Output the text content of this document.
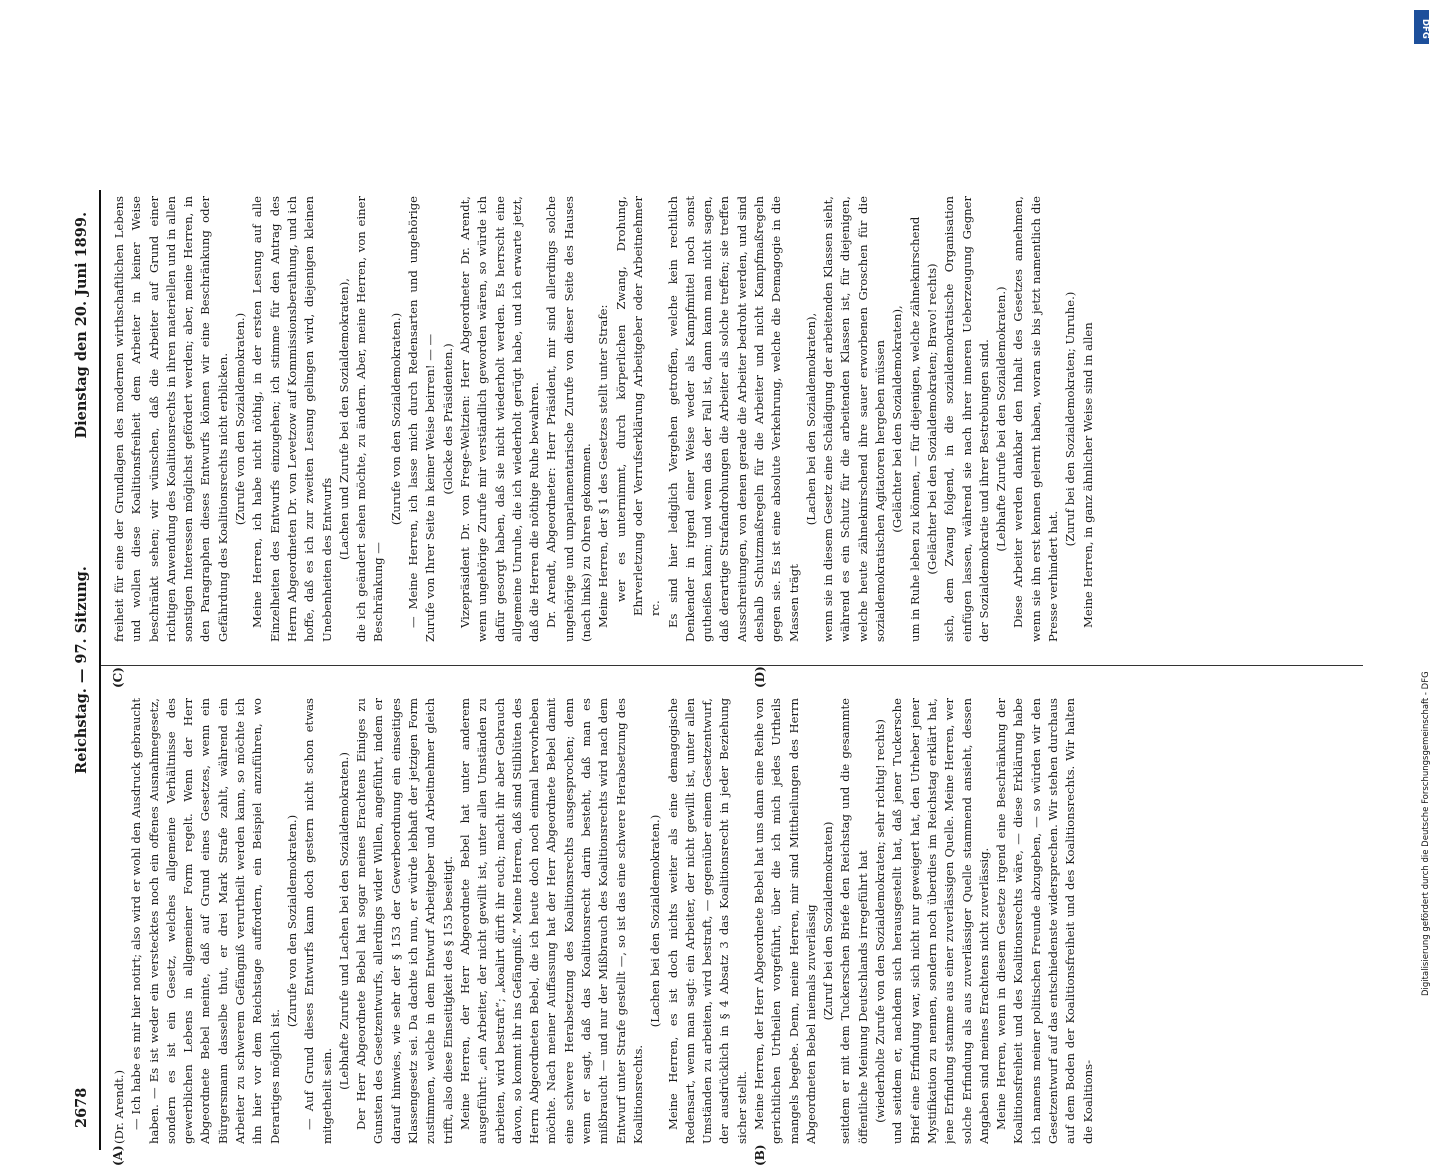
2678
Reichstag. — 97. Sitzung.
Dienstag den 20. Juni 1899.
(A)	(B)
(C)	(D)

(Dr. Arendt.) — Ich habe es mir hier notirt; also wird er wohl den Ausdruck gebraucht haben. — Es ist weder ein verstecktes noch ein offenes Ausnahmegesetz, sondern es ist ein Gesetz, welches allgemeine Verhältnisse des gewerblichen Lebens in allgemeiner Form regelt. Wenn der Herr Abgeordnete Bebel meinte, daß auf Grund eines Gesetzes, wenn ein Bürgersmann dasselbe thut, er drei Mark Strafe zahlt, während ein Arbeiter zu schwerem Gefängniß verurtheilt werden kann, so möchte ich ihn hier vor dem Reichstage auffordern, ein Beispiel anzuführen, wo Derartiges möglich ist.

(Zurufe von den Sozialdemokraten.) — Auf Grund dieses Entwurfs kann doch gestern nicht schon etwas mitgetheilt sein.

(Lebhafte Zurufe und Lachen bei den Sozialdemokraten.) Der Herr Abgeordnete Bebel hat sogar meines Erachtens Einiges zu Gunsten des Gesetzentwurfs, allerdings wider Willen, angeführt, indem er darauf hinwies, wie sehr der § 153 der Gewerbeordnung ein einseitiges Klassengesetz sei. Da dachte ich nun, er würde lebhaft der jetzigen Form zustimmen, welche in dem Entwurf Arbeitgeber und Arbeitnehmer gleich trifft, also diese Einseitigkeit des § 153 beseitigt. Meine Herren, der Herr Abgeordnete Bebel hat unter anderem ausgeführt: „ein Arbeiter, der nicht gewillt ist, unter allen Umständen zu arbeiten, wird bestraft“; „koalirt dürft ihr euch; macht ihr aber Gebrauch davon, so kommt ihr ins Gefängniß.“ Meine Herren, daß sind Stilblüten des Herrn Abgeordneten Bebel, die ich heute doch noch einmal hervorheben möchte. Nach meiner Auffassung hat der Herr Abgeordnete Bebel damit eine schwere Herabsetzung des Koalitionsrechts ausgesprochen; denn wenn er sagt, daß das Koalitionsrecht darin besteht, daß man es mißbraucht — und nur der Mißbrauch des Koalitionsrechts wird nach dem Entwurf unter Strafe gestellt —, so ist das eine schwere Herabsetzung des Koalitionsrechts.

(Lachen bei den Sozialdemokraten.) Meine Herren, es ist doch nichts weiter als eine demagogische Redensart, wenn man sagt: ein Arbeiter, der nicht gewillt ist, unter allen Umständen zu arbeiten, wird bestraft, — gegenüber einem Gesetzentwurf, der ausdrücklich in § 4 Absatz 3 das Koalitionsrecht in jeder Beziehung sicher stellt. Meine Herren, der Herr Abgeordnete Bebel hat uns dann eine Reihe von gerichtlichen Urtheilen vorgeführt, über die ich mich jedes Urtheils mangels begebe. Denn, meine Herren, mir sind Mittheilungen des Herrn Abgeordneten Bebel niemals zuverlässig (Zuruf bei den Sozialdemokraten) seitdem er mit dem Tuckerschen Briefe den Reichstag und die gesammte öffentliche Meinung Deutschlands irregeführt hat (wiederholte Zurufe von den Sozialdemokraten; sehr richtig! rechts) und seitdem er, nachdem sich herausgestellt hat, daß jener Tuckersche Brief eine Erfindung war, sich nicht nur geweigert hat, den Urheber jener Mystifikation zu nennen, sondern noch überdies im Reichstag erklärt hat, jene Erfindung stamme aus einer zuverlässigen Quelle. Meine Herren, wer solche Erfindung als aus zuverlässiger Quelle stammend ansieht, dessen Angaben sind meines Erachtens nicht zuverlässig. Meine Herren, wenn in diesem Gesetze irgend eine Beschränkung der Koalitionsfreiheit und des Koalitionsrechts wäre, — diese Erklärung habe ich namens meiner politischen Freunde abzugeben, — so würden wir den Gesetzentwurf auf das entschiedenste widersprechen. Wir stehen durchaus auf dem Boden der Koalitionsfreiheit und des Koalitionsrechts. Wir halten die Koalitions-

freiheit für eine der Grundlagen des modernen wirthschaftlichen Lebens und wollen diese Koalitionsfreiheit dem Arbeiter in keiner Weise beschränkt sehen; wir wünschen, daß die Arbeiter auf Grund einer richtigen Anwendung des Koalitionsrechts in ihren materiellen und in allen sonstigen Interessen möglichst gefördert werden; aber, meine Herren, in den Paragraphen dieses Entwurfs können wir eine Beschränkung oder Gefährdung des Koalitionsrechts nicht erblicken. (Zurufe von den Sozialdemokraten.) Meine Herren, ich habe nicht nöthig, in der ersten Lesung auf alle Einzelheiten des Entwurfs einzugehen; ich stimme für den Antrag des Herrn Abgeordneten Dr. von Levetzow auf Kommissionsberathung, und ich hoffe, daß es ich zur zweiten Lesung gelingen wird, diejenigen kleinen Unebenheiten des Entwurfs (Lachen und Zurufe bei den Sozialdemokraten), die ich geändert sehen möchte, zu ändern. Aber, meine Herren, von einer Beschränkung —

(Zurufe von den Sozialdemokraten.) — Meine Herren, ich lasse mich durch Redensarten und ungehörige Zurufe von Ihrer Seite in keiner Weise beirren! — — (Glocke des Präsidenten.) Vizepräsident Dr. von Frege-Weltzien: Herr Abgeordneter Dr. Arendt, wenn ungehörige Zurufe mir verständlich geworden wären, so würde ich dafür gesorgt haben, daß sie nicht wiederholt werden. Es herrscht eine allgemeine Unruhe, die ich wiederholt gerügt habe, und ich erwarte jetzt, daß die Herren die nöthige Ruhe bewahren. Dr. Arendt, Abgeordneter: Herr Präsident, mir sind allerdings solche ungehörige und unparlamentarische Zurufe von dieser Seite des Hauses (nach links) zu Ohren gekommen. Meine Herren, der § 1 des Gesetzes stellt unter Strafe: wer es unternimmt, durch körperlichen Zwang, Drohung, Ehrverletzung oder Verrufserklärung Arbeitgeber oder Arbeitnehmer rc. Es sind hier lediglich Vergehen getroffen, welche kein rechtlich Denkender in irgend einer Weise weder als Kampfmittel noch sonst gutheißen kann; und wenn das der Fall ist, dann kann man nicht sagen, daß derartige Strafandrohungen die Arbeiter als solche treffen; sie treffen Ausschreitungen, von denen gerade die Arbeiter bedroht werden, und sind deshalb Schutzmaßregeln für die Arbeiter und nicht Kampfmaßregeln gegen sie. Es ist eine absolute Verkehrung, welche die Demagogie in die Massen trägt

(Lachen bei den Sozialdemokraten), wenn sie in diesem Gesetz eine Schädigung der arbeitenden Klassen sieht, während es ein Schutz für die arbeitenden Klassen ist, für diejenigen, welche heute zähneknirschend ihre sauer erworbenen Groschen für die sozialdemokratischen Agitatoren hergeben müssen (Gelächter bei den Sozialdemokraten), um in Ruhe leben zu können, — für diejenigen, welche zähneknirschend (Gelächter bei den Sozialdemokraten; Bravo! rechts) sich, dem Zwang folgend, in die sozialdemokratische Organisation einfügen lassen, während sie nach ihrer inneren Ueberzeugung Gegner der Sozialdemokratie und ihrer Bestrebungen sind. (Lebhafte Zurufe bei den Sozialdemokraten.) Diese Arbeiter werden dankbar den Inhalt des Gesetzes annehmen, wenn sie ihn erst kennen gelernt haben, woran sie bis jetzt namentlich die Presse verhindert hat.

(Zuruf bei den Sozialdemokraten; Unruhe.) Meine Herren, in ganz ähnlicher Weise sind in allen

DFG
Digitalisierung gefördert durch die Deutsche Forschungsgemeinschaft - DFG
